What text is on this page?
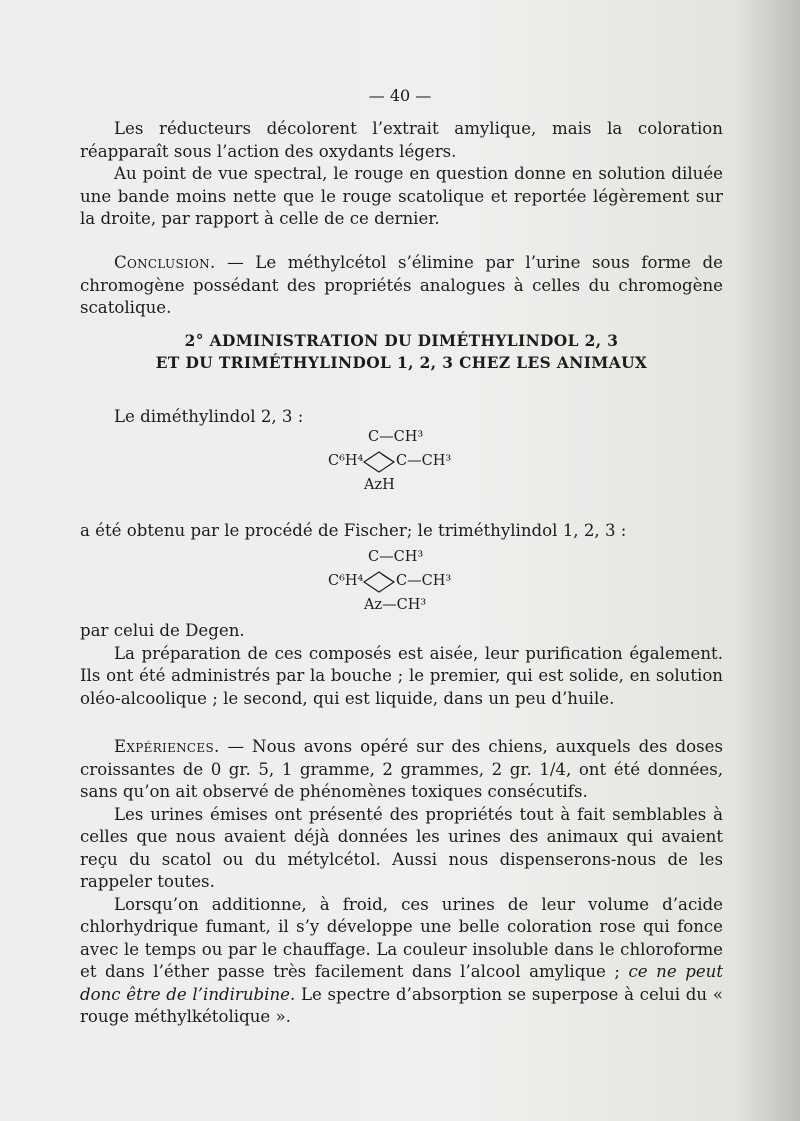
— 40 —

Les réducteurs décolorent l’extrait amylique, mais la coloration réapparaît sous l’action des oxydants légers.

Au point de vue spectral, le rouge en question donne en solution diluée une bande moins nette que le rouge scatolique et reportée légèrement sur la droite, par rapport à celle de ce dernier.

Conclusion. — Le méthylcétol s’élimine par l’urine sous forme de chromogène possédant des propriétés analogues à celles du chromogène scatolique.

2° ADMINISTRATION DU DIMÉTHYLINDOL 2, 3
ET DU TRIMÉTHYLINDOL 1, 2, 3 CHEZ LES ANIMAUX

Le diméthylindol 2, 3 :

C—CH³
C⁶H⁴ C—CH³
AzH

a été obtenu par le procédé de Fischer; le triméthylindol 1, 2, 3 :

C—CH³
C⁶H⁴ C—CH³
Az—CH³

par celui de Degen.

La préparation de ces composés est aisée, leur purification également. Ils ont été administrés par la bouche ; le premier, qui est solide, en solution oléo-alcoolique ; le second, qui est liquide, dans un peu d’huile.

Expériences. — Nous avons opéré sur des chiens, auxquels des doses croissantes de 0 gr. 5, 1 gramme, 2 grammes, 2 gr. 1/4, ont été données, sans qu’on ait observé de phénomènes toxiques consécutifs.

Les urines émises ont présenté des propriétés tout à fait semblables à celles que nous avaient déjà données les urines des animaux qui avaient reçu du scatol ou du métylcétol. Aussi nous dispenserons-nous de les rappeler toutes.

Lorsqu’on additionne, à froid, ces urines de leur volume d’acide chlorhydrique fumant, il s’y développe une belle coloration rose qui fonce avec le temps ou par le chauffage. La couleur insoluble dans le chloroforme et dans l’éther passe très facilement dans l’alcool amylique ; ce ne peut donc être de l’indirubine. Le spectre d’absorption se superpose à celui du « rouge méthylkétolique ».
